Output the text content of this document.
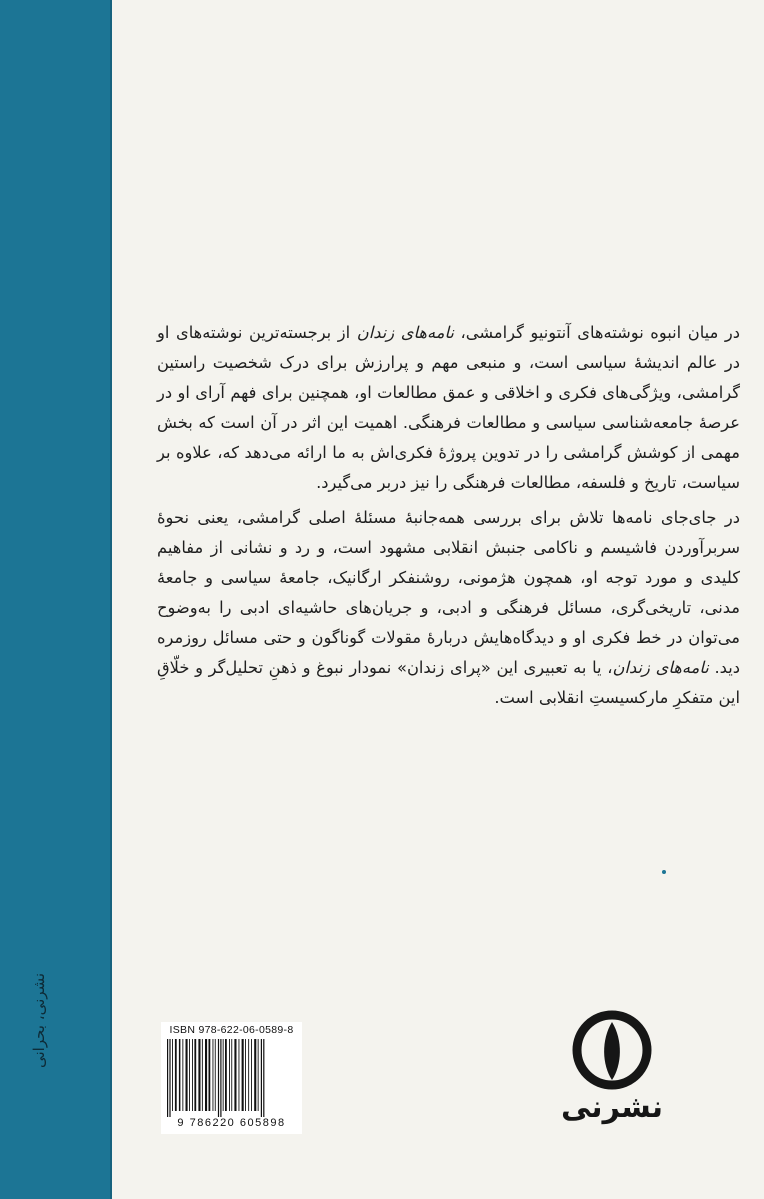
نشرنی، بحرانی

در میان انبوه نوشته‌های آنتونیو گرامشی، نامه‌های زندان از برجسته‌ترین نوشته‌های او در عالم اندیشهٔ سیاسی است، و منبعی مهم و پرارزش برای درک شخصیت راستین گرامشی، ویژگی‌های فکری و اخلاقی و عمق مطالعات او، همچنین برای فهم آرای او در عرصهٔ جامعه‌شناسی سیاسی و مطالعات فرهنگی. اهمیت این اثر در آن است که بخش مهمی از کوشش گرامشی را در تدوین پروژهٔ فکری‌اش به ما ارائه می‌دهد که، علاوه بر سیاست، تاریخ و فلسفه، مطالعات فرهنگی را نیز دربر می‌گیرد.

در جای‌جای نامه‌ها تلاش برای بررسی همه‌جانبهٔ مسئلهٔ اصلی گرامشی، یعنی نحوهٔ سربرآوردن فاشیسم و ناکامی جنبش انقلابی مشهود است، و رد و نشانی از مفاهیم کلیدی و مورد توجه او، همچون هژمونی، روشنفکر ارگانیک، جامعهٔ سیاسی و جامعهٔ مدنی، تاریخی‌گری، مسائل فرهنگی و ادبی، و جریان‌های حاشیه‌ای ادبی را به‌وضوح می‌توان در خط فکری او و دیدگاه‌هایش دربارهٔ مقولات گوناگون و حتی مسائل روزمره دید. نامه‌های زندان، یا به تعبیری این «پرای زندان» نمودار نبوغ و ذهنِ تحلیل‌گر و خلّاقِ این متفکرِ مارکسیستِ انقلابی است.

ISBN 978-622-06-0589-8
9 786220 605898	نشرنی
